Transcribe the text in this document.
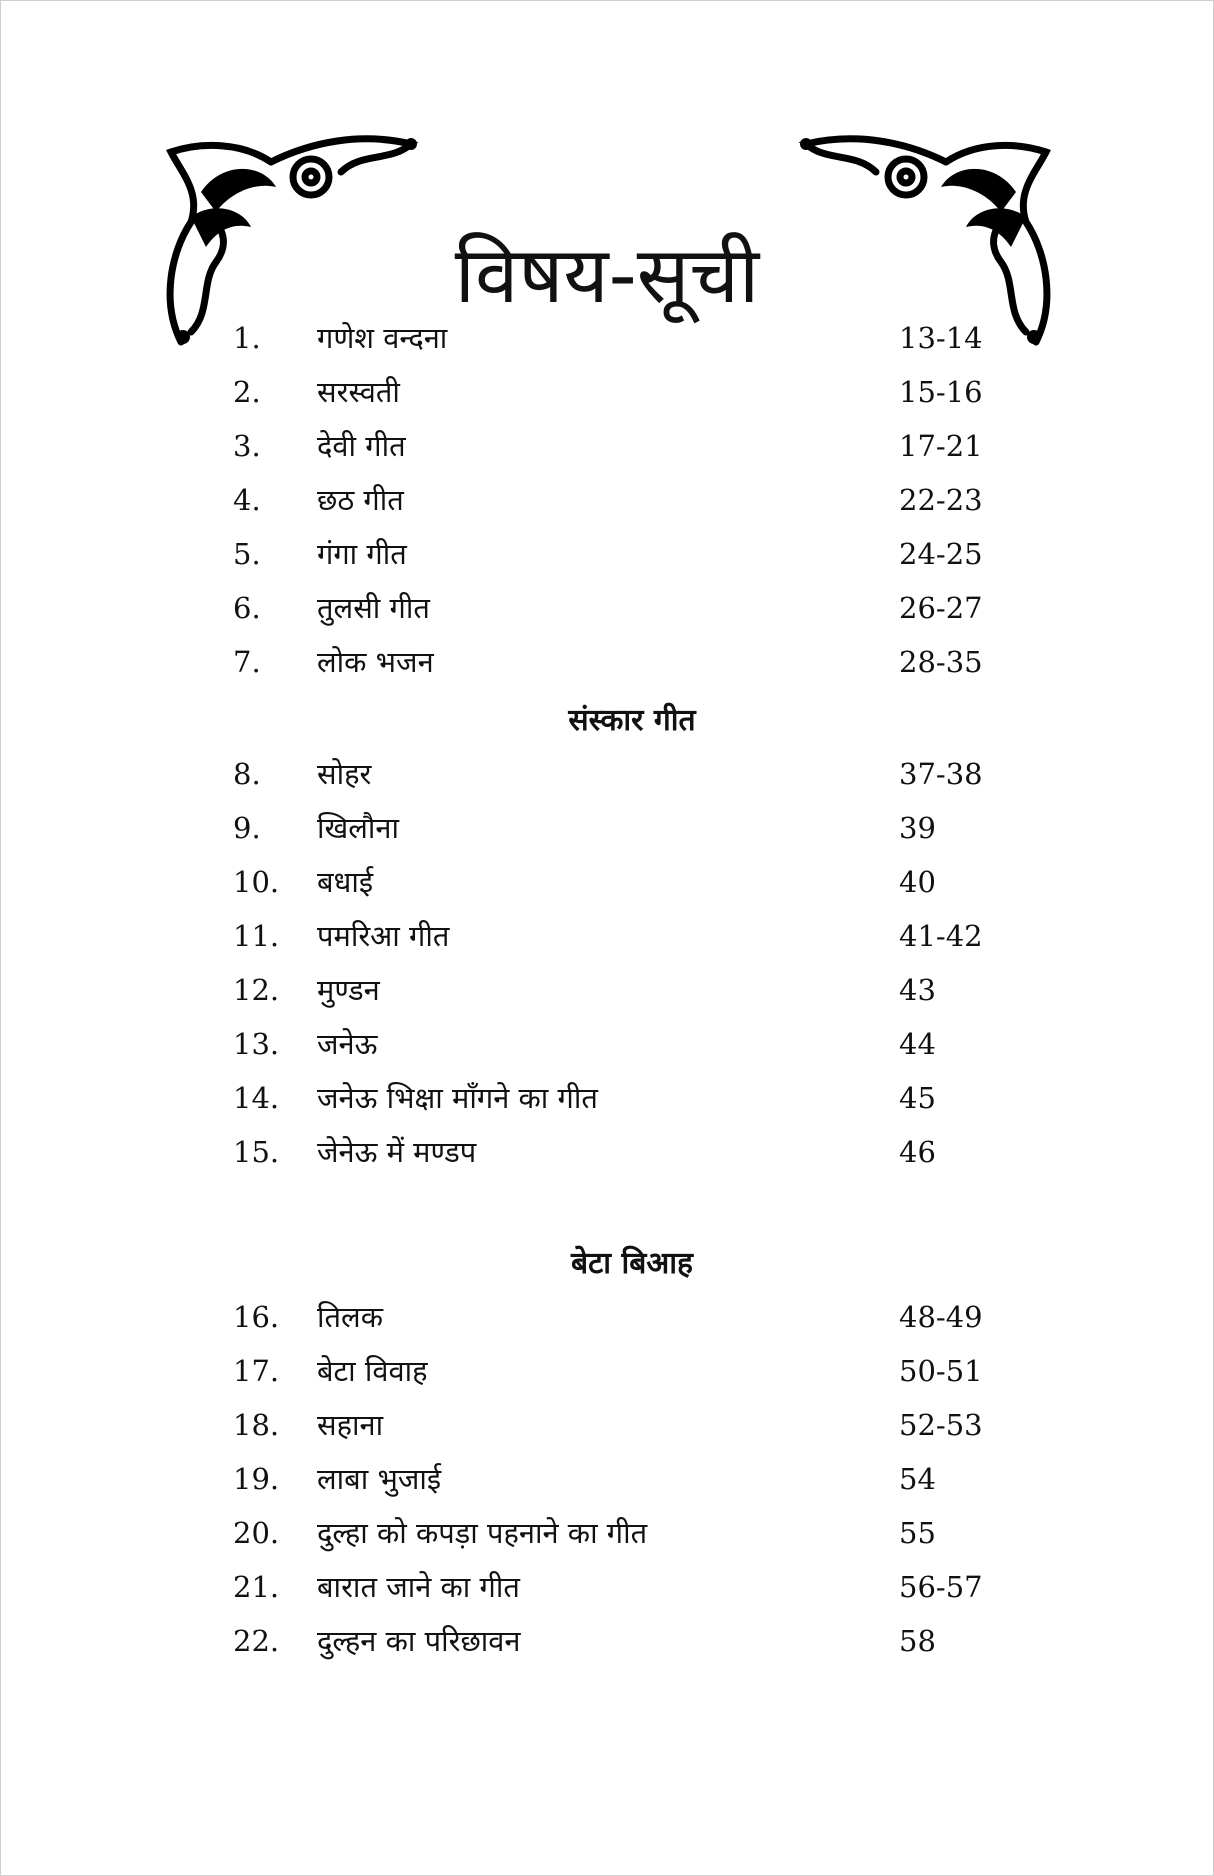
विषय-सूची
1. गणेश वन्दना	13-14
2. सरस्वती	15-16
3. देवी गीत	17-21
4. छठ गीत	22-23
5. गंगा गीत	24-25
6. तुलसी गीत	26-27
7. लोक भजन	28-35
संस्कार गीत
8. सोहर	37-38
9. खिलौना	39
10. बधाई	40
11. पमरिआ गीत	41-42
12. मुण्डन	43
13. जनेऊ	44
14. जनेऊ भिक्षा माँगने का गीत	45
15. जेनेऊ में मण्डप	46
बेटा बिआह
16. तिलक	48-49
17. बेटा विवाह	50-51
18. सहाना	52-53
19. लाबा भुजाई	54
20. दुल्हा को कपड़ा पहनाने का गीत	55
21. बारात जाने का गीत	56-57
22. दुल्हन का परिछावन	58
